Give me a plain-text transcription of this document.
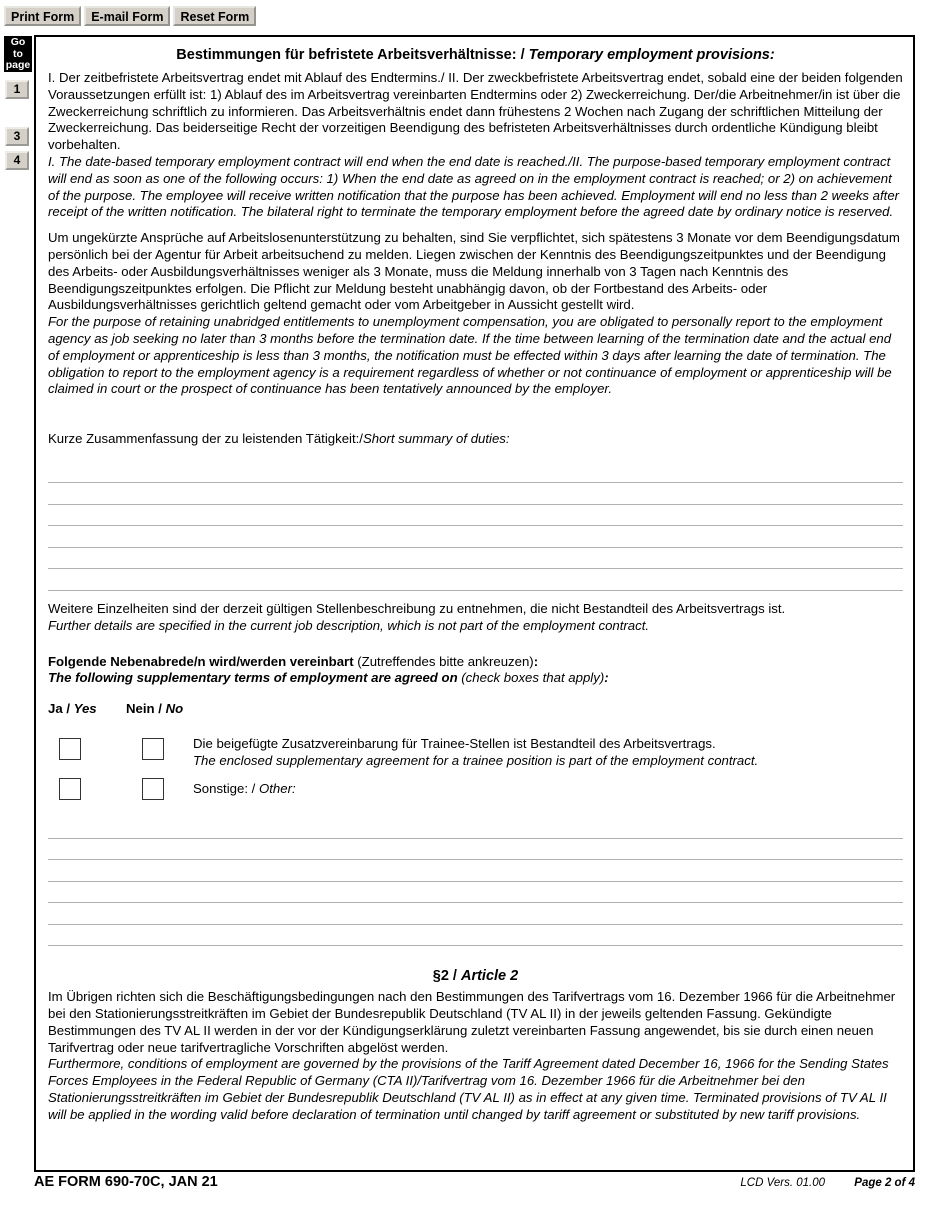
Print Form	E-mail Form	Reset Form
Go
to
page
1
3
4
Bestimmungen für befristete Arbeitsverhältnisse: / Temporary employment provisions:

I. Der zeitbefristete Arbeitsvertrag endet mit Ablauf des Endtermins./ II. Der zweckbefristete Arbeitsvertrag endet, sobald eine der beiden folgenden Voraussetzungen erfüllt ist: 1) Ablauf des im Arbeitsvertrag vereinbarten Endtermins oder 2) Zweckerreichung. Der/die Arbeitnehmer/in ist über die Zweckerreichung schriftlich zu informieren. Das Arbeitsverhältnis endet dann frühestens 2 Wochen nach Zugang der schriftlichen Mitteilung der Zweckerreichung. Das beiderseitige Recht der vorzeitigen Beendigung des befristeten Arbeitsverhältnisses durch ordentliche Kündigung bleibt vorbehalten.

I. The date-based temporary employment contract will end when the end date is reached./II. The purpose-based temporary employment contract will end as soon as one of the following occurs: 1) When the end date as agreed on in the employment contract is reached; or 2) on achievement of the purpose. The employee will receive written notification that the purpose has been achieved. Employment will end no less than 2 weeks after receipt of the written notification. The bilateral right to terminate the temporary employment before the agreed date by ordinary notice is reserved.

Um ungekürzte Ansprüche auf Arbeitslosenunterstützung zu behalten, sind Sie verpflichtet, sich spätestens 3 Monate vor dem Beendigungsdatum persönlich bei der Agentur für Arbeit arbeitsuchend zu melden. Liegen zwischen der Kenntnis des Beendigungszeitpunktes und der Beendigung des Arbeits- oder Ausbildungsverhältnisses weniger als 3 Monate, muss die Meldung innerhalb von 3 Tagen nach Kenntnis des Beendigungszeitpunktes erfolgen. Die Pflicht zur Meldung besteht unabhängig davon, ob der Fortbestand des Arbeits- oder Ausbildungsverhältnisses gerichtlich geltend gemacht oder vom Arbeitgeber in Aussicht gestellt wird.

For the purpose of retaining unabridged entitlements to unemployment compensation, you are obligated to personally report to the employment agency as job seeking no later than 3 months before the termination date. If the time between learning of the termination date and the actual end of employment or apprenticeship is less than 3 months, the notification must be effected within 3 days after learning the date of termination. The obligation to report to the employment agency is a requirement regardless of whether or not continuance of employment or apprenticeship will be claimed in court or the prospect of continuance has been tentatively announced by the employer.

Kurze Zusammenfassung der zu leistenden Tätigkeit:/Short summary of duties:

Weitere Einzelheiten sind der derzeit gültigen Stellenbeschreibung zu entnehmen, die nicht Bestandteil des Arbeitsvertrags ist.

Further details are specified in the current job description, which is not part of the employment contract.

Folgende Nebenabrede/n wird/werden vereinbart (Zutreffendes bitte ankreuzen):

The following supplementary terms of employment are agreed on (check boxes that apply):

Ja / Yes Nein / No

Die beigefügte Zusatzvereinbarung für Trainee-Stellen ist Bestandteil des Arbeitsvertrags.

The enclosed supplementary agreement for a trainee position is part of the employment contract.

Sonstige: / Other:

§2 / Article 2

Im Übrigen richten sich die Beschäftigungsbedingungen nach den Bestimmungen des Tarifvertrags vom 16. Dezember 1966 für die Arbeitnehmer bei den Stationierungsstreitkräften im Gebiet der Bundesrepublik Deutschland (TV AL II) in der jeweils geltenden Fassung. Gekündigte Bestimmungen des TV AL II werden in der vor der Kündigungserklärung zuletzt vereinbarten Fassung angewendet, bis sie durch einen neuen Tarifvertrag oder neue tarifvertragliche Vorschriften abgelöst werden.

Furthermore, conditions of employment are governed by the provisions of the Tariff Agreement dated December 16, 1966 for the Sending States Forces Employees in the Federal Republic of Germany (CTA II)/Tarifvertrag vom 16. Dezember 1966 für die Arbeitnehmer bei den Stationierungsstreitkräften im Gebiet der Bundesrepublik Deutschland (TV AL II) as in effect at any given time. Terminated provisions of TV AL II will be applied in the wording valid before declaration of termination until changed by tariff agreement or substituted by new tariff provisions.

AE FORM 690-70C, JAN 21	LCD Vers. 01.00	Page 2 of 4
